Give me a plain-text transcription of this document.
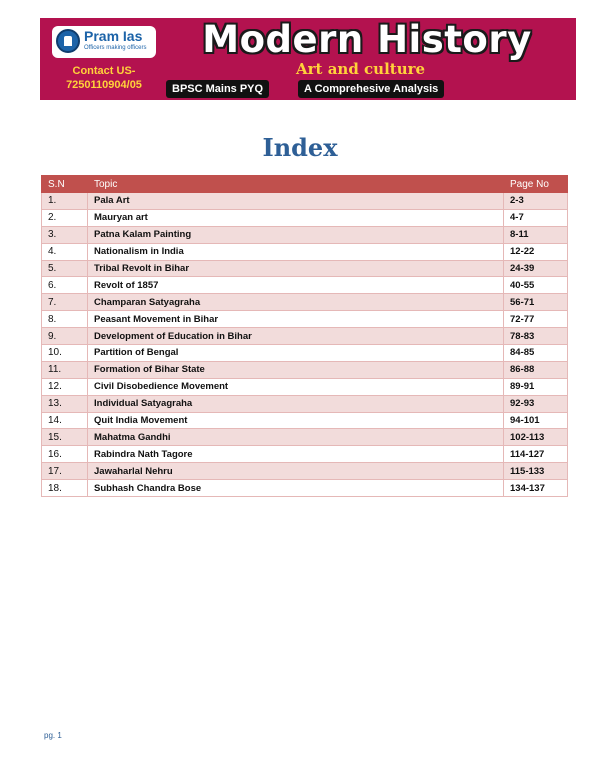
Pram Ias
Officers making officers
Contact US-
7250110904/05
Modern History
Art and culture
BPSC Mains PYQ	A Comprehesive Analysis
Index
S.N	Topic	Page No
1.	Pala Art	2-3
2.	Mauryan art	4-7
3.	Patna Kalam Painting	8-11
4.	Nationalism in India	12-22
5.	Tribal Revolt in Bihar	24-39
6.	Revolt of 1857	40-55
7.	Champaran Satyagraha	56-71
8.	Peasant Movement in Bihar	72-77
9.	Development of Education in Bihar	78-83
10.	Partition of Bengal	84-85
11.	Formation of Bihar State	86-88
12.	Civil Disobedience Movement	89-91
13.	Individual Satyagraha	92-93
14.	Quit India Movement	94-101
15.	Mahatma Gandhi	102-113
16.	Rabindra Nath Tagore	114-127
17.	Jawaharlal Nehru	115-133
18.	Subhash Chandra Bose	134-137
pg. 1
